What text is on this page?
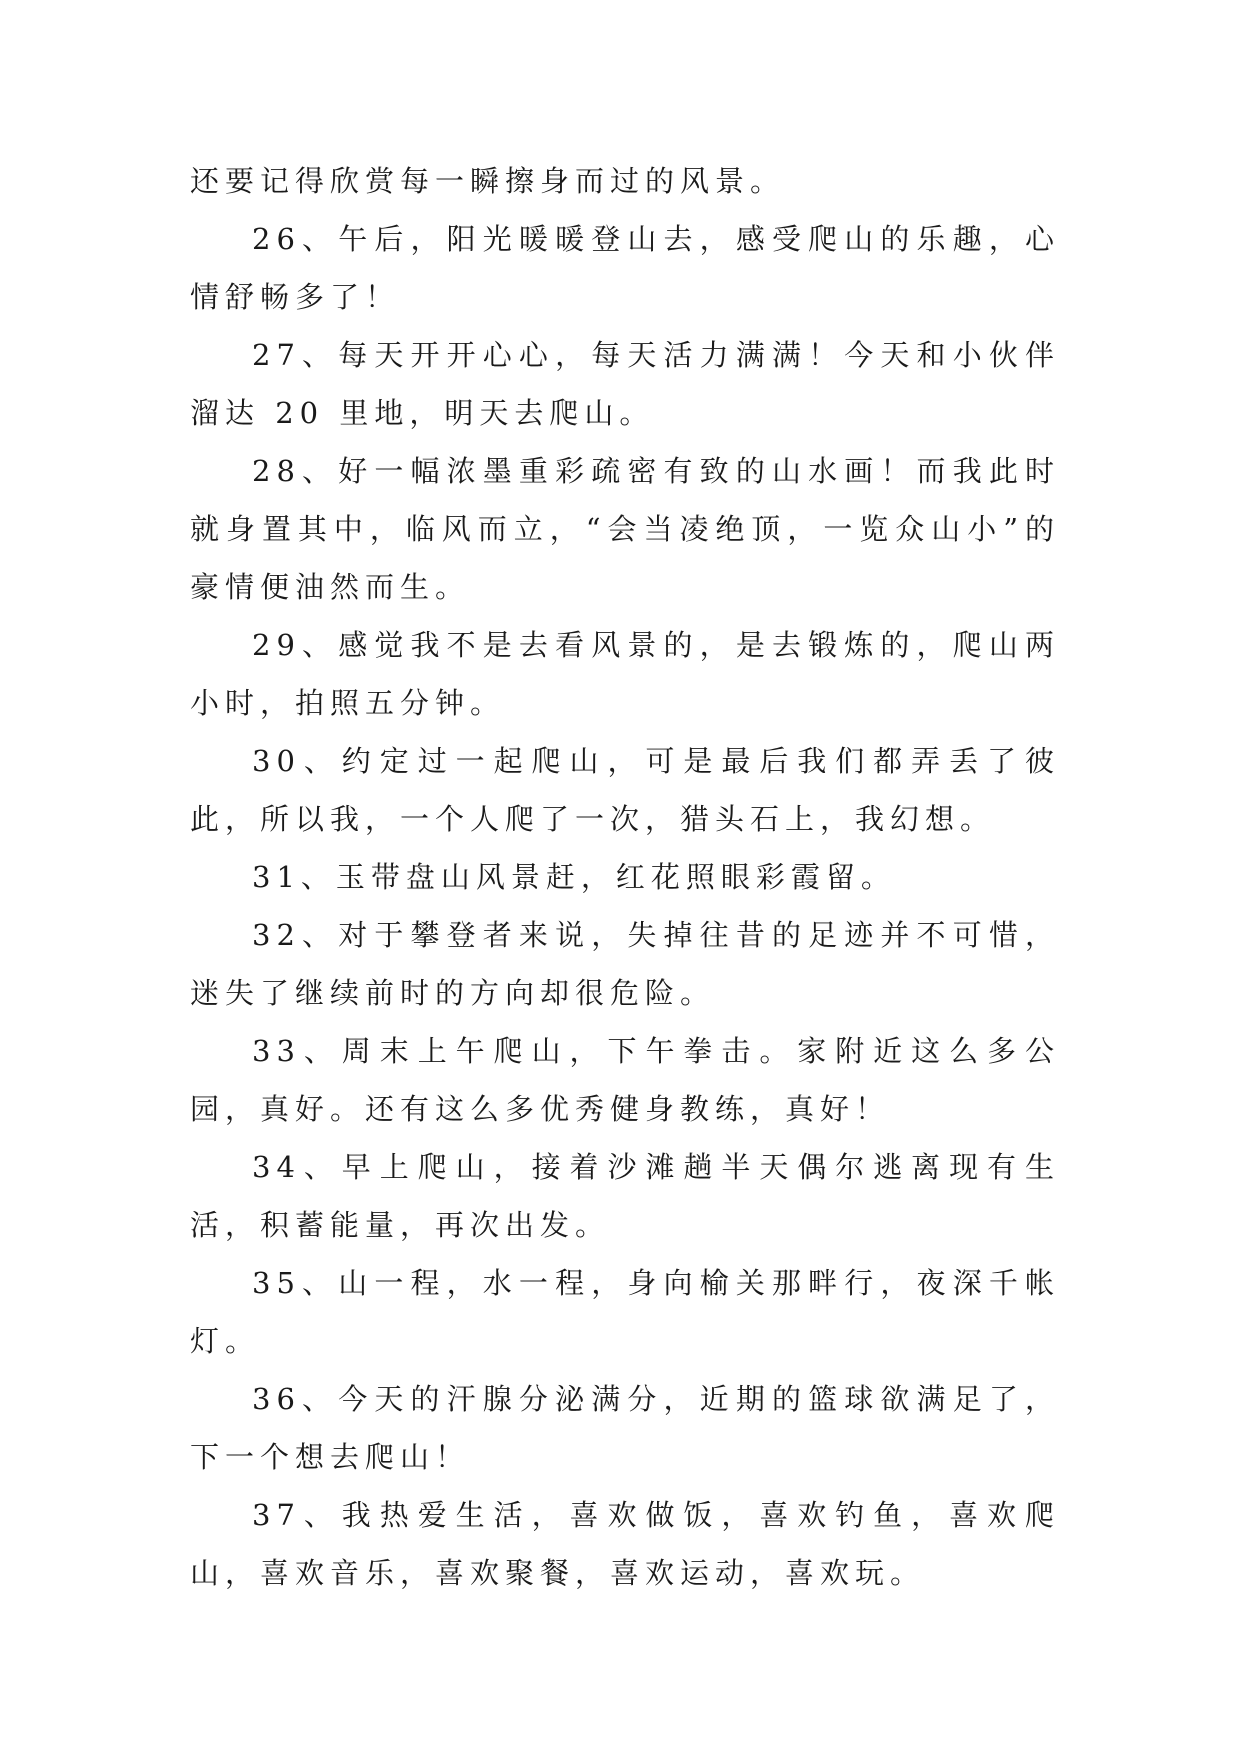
还要记得欣赏每一瞬擦身而过的风景。

26、午后，阳光暖暖登山去，感受爬山的乐趣，心情舒畅多了！

27、每天开开心心，每天活力满满！今天和小伙伴溜达 20 里地，明天去爬山。

28、好一幅浓墨重彩疏密有致的山水画！而我此时就身置其中，临风而立，“会当凌绝顶，一览众山小”的豪情便油然而生。

29、感觉我不是去看风景的，是去锻炼的，爬山两小时，拍照五分钟。

30、约定过一起爬山，可是最后我们都弄丢了彼此，所以我，一个人爬了一次，猎头石上，我幻想。

31、玉带盘山风景赶，红花照眼彩霞留。

32、对于攀登者来说，失掉往昔的足迹并不可惜，迷失了继续前时的方向却很危险。

33、周末上午爬山，下午拳击。家附近这么多公园，真好。还有这么多优秀健身教练，真好！

34、早上爬山，接着沙滩趟半天偶尔逃离现有生活，积蓄能量，再次出发。

35、山一程，水一程，身向榆关那畔行，夜深千帐灯。

36、今天的汗腺分泌满分，近期的篮球欲满足了，下一个想去爬山！

37、我热爱生活，喜欢做饭，喜欢钓鱼，喜欢爬山，喜欢音乐，喜欢聚餐，喜欢运动，喜欢玩。
